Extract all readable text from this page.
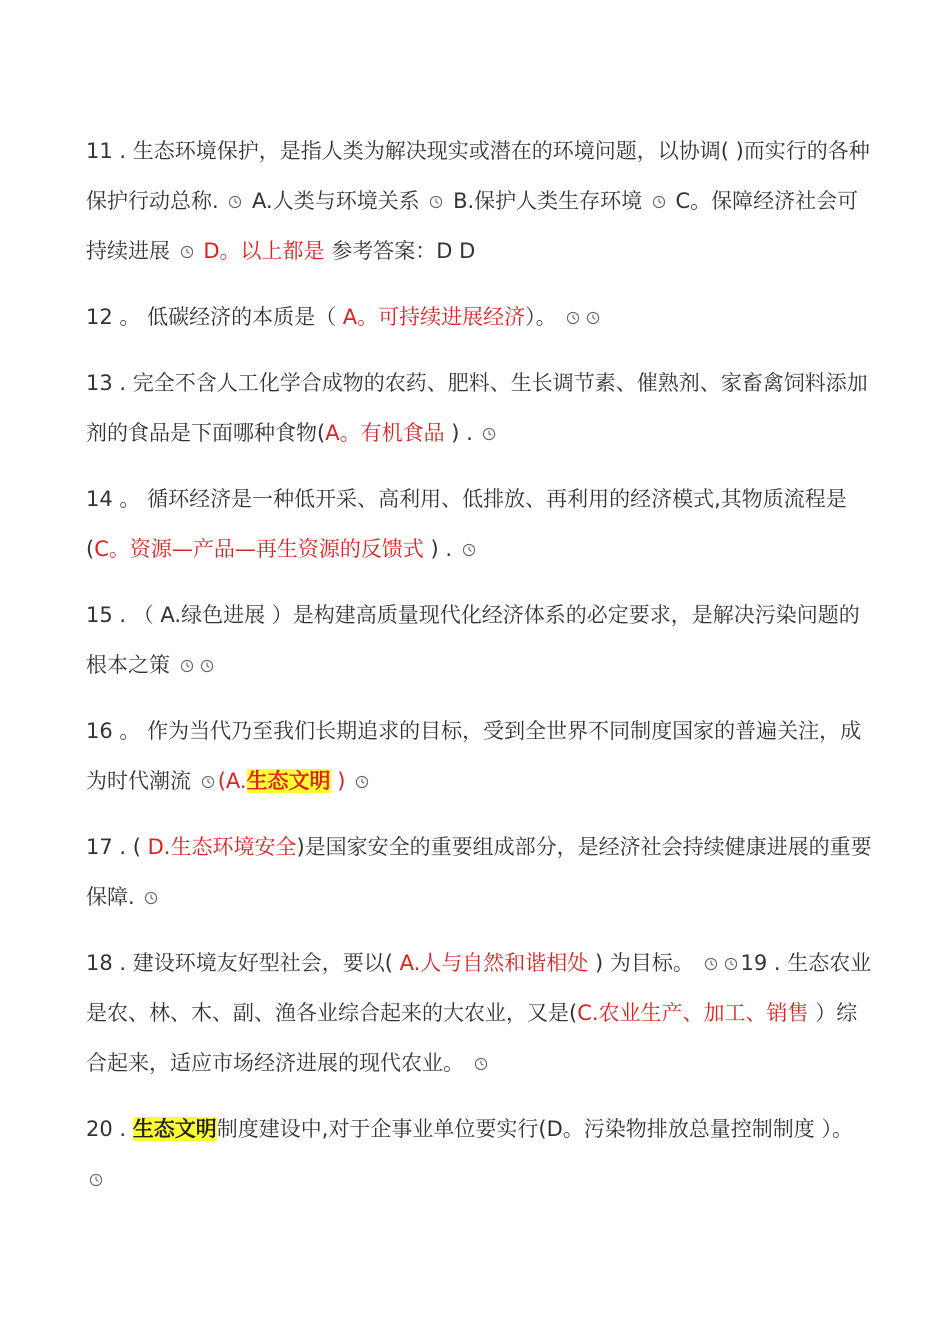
11 . 生态环境保护，是指人类为解决现实或潜在的环境问题，以协调( )而实行的各种保护行动总称.
A.人类与环境关系
B.保护人类生存环境
C。保障经济社会可持续进展
D。以上都是 参考答案：D D

12 。 低碳经济的本质是（ A。可持续进展经济）。

13 . 完全不含人工化学合成物的农药、肥料、生长调节素、催熟剂、家畜禽饲料添加剂的食品是下面哪种食物(A。有机食品 ) .

14 。 循环经济是一种低开采、高利用、低排放、再利用的经济模式,其物质流程是(C。资源—产品—再生资源的反馈式 ) .

15 . （ A.绿色进展 ）是构建高质量现代化经济体系的必定要求，是解决污染问题的根本之策

16 。 作为当代乃至我们长期追求的目标，受到全世界不同制度国家的普遍关注，成为时代潮流
(A.生态文明 )

17 . ( D.生态环境安全)是国家安全的重要组成部分，是经济社会持续健康进展的重要保障.

18 . 建设环境友好型社会，要以( A.人与自然和谐相处 ) 为目标。
19 . 生态农业是农、林、木、副、渔各业综合起来的大农业，又是(C.农业生产、加工、销售 ）综合起来，适应市场经济进展的现代农业。

20 . 生态文明制度建设中,对于企事业单位要实行(D。污染物排放总量控制制度 ）。
